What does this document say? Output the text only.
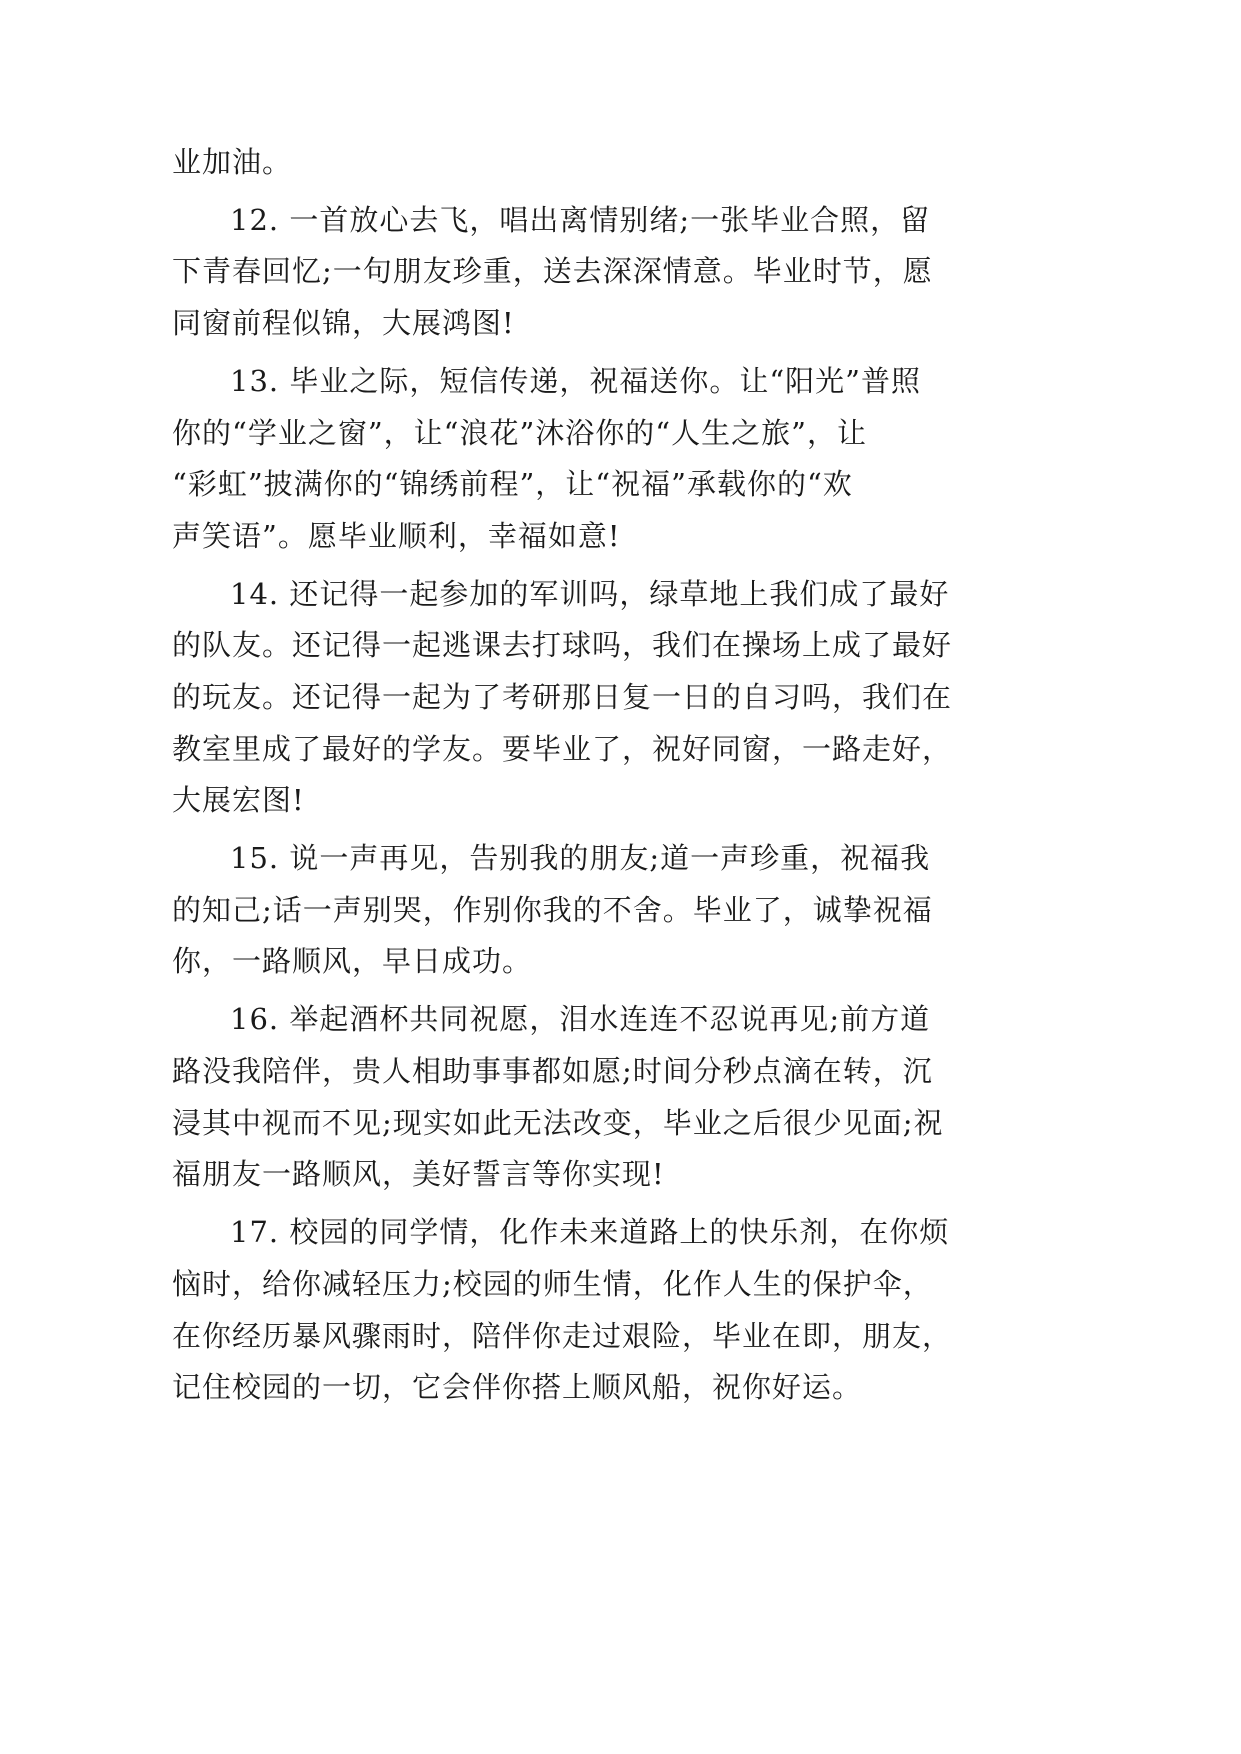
业加油。
12. 一首放心去飞，唱出离情别绪;一张毕业合照，留
下青春回忆;一句朋友珍重，送去深深情意。毕业时节，愿
同窗前程似锦，大展鸿图!
13. 毕业之际，短信传递，祝福送你。让“阳光”普照
你的“学业之窗”，让“浪花”沐浴你的“人生之旅”，让
“彩虹”披满你的“锦绣前程”，让“祝福”承载你的“欢
声笑语”。愿毕业顺利，幸福如意!
14. 还记得一起参加的军训吗，绿草地上我们成了最好
的队友。还记得一起逃课去打球吗，我们在操场上成了最好
的玩友。还记得一起为了考研那日复一日的自习吗，我们在
教室里成了最好的学友。要毕业了，祝好同窗，一路走好，
大展宏图!
15. 说一声再见，告别我的朋友;道一声珍重，祝福我
的知己;话一声别哭，作别你我的不舍。毕业了，诚挚祝福
你，一路顺风，早日成功。
16. 举起酒杯共同祝愿，泪水连连不忍说再见;前方道
路没我陪伴，贵人相助事事都如愿;时间分秒点滴在转，沉
浸其中视而不见;现实如此无法改变，毕业之后很少见面;祝
福朋友一路顺风，美好誓言等你实现!
17. 校园的同学情，化作未来道路上的快乐剂，在你烦
恼时，给你减轻压力;校园的师生情，化作人生的保护伞，
在你经历暴风骤雨时，陪伴你走过艰险，毕业在即，朋友，
记住校园的一切，它会伴你搭上顺风船，祝你好运。
